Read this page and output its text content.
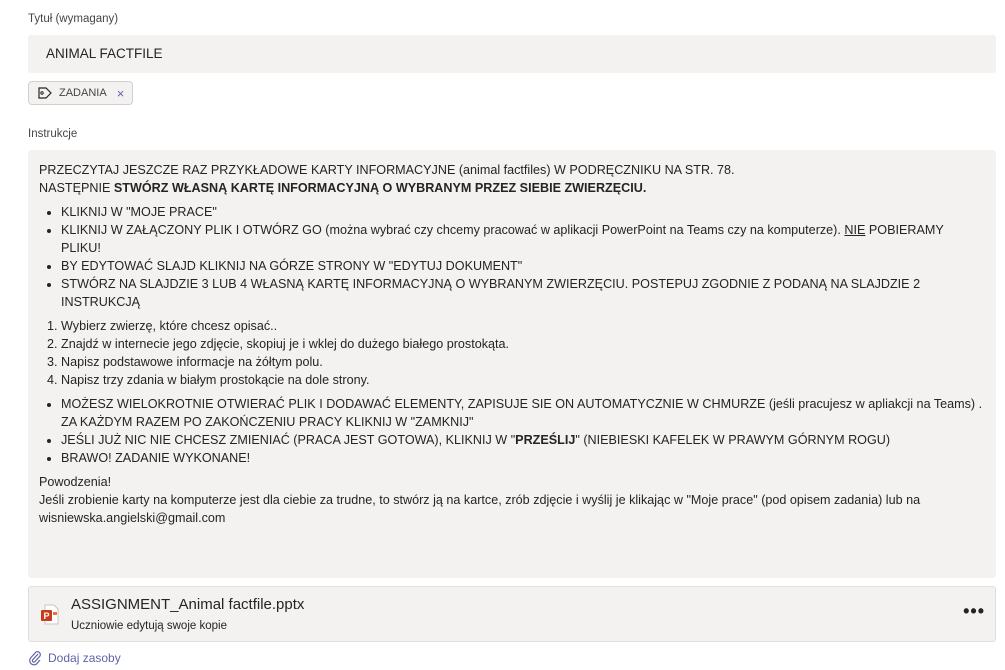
Tytuł (wymagany)
ANIMAL FACTFILE
ZADANIA ×
Instrukcje

PRZECZYTAJ JESZCZE RAZ PRZYKŁADOWE KARTY INFORMACYJNE (animal factfiles) W PODRĘCZNIKU NA STR. 78.
NASTĘPNIE STWÓRZ WŁASNĄ KARTĘ INFORMACYJNĄ O WYBRANYM PRZEZ SIEBIE ZWIERZĘCIU.

• KLIKNIJ W "MOJE PRACE"
• KLIKNIJ W ZAŁĄCZONY PLIK I OTWÓRZ GO (można wybrać czy chcemy pracować w aplikacji PowerPoint na Teams czy na komputerze). NIE POBIERAMY PLIKU!
• BY EDYTOWAĆ SLAJD KLIKNIJ NA GÓRZE STRONY W "EDYTUJ DOKUMENT"
• STWÓRZ NA SLAJDZIE 3 LUB 4 WŁASNĄ KARTĘ INFORMACYJNĄ O WYBRANYM ZWIERZĘCIU. POSTEPUJ ZGODNIE Z PODANĄ NA SLAJDZIE 2 INSTRUKCJĄ
1. Wybierz zwierzę, które chcesz opisać..
2. Znajdź w internecie jego zdjęcie, skopiuj je i wklej do dużego białego prostokąta.
3. Napisz podstawowe informacje na żółtym polu.
4. Napisz trzy zdania w białym prostokącie na dole strony.
• MOŻESZ WIELOKROTNIE OTWIERAĆ PLIK I DODAWAĆ ELEMENTY, ZAPISUJE SIE ON AUTOMATYCZNIE W CHMURZE (jeśli pracujesz w apliakcji na Teams) . ZA KAŻDYM RAZEM PO ZAKOŃCZENIU PRACY KLIKNIJ W "ZAMKNIJ"
• JEŚLI JUŻ NIC NIE CHCESZ ZMIENIAĆ (PRACA JEST GOTOWA), KLIKNIJ W "PRZEŚLIJ" (NIEBIESKI KAFELEK W PRAWYM GÓRNYM ROGU)
• BRAWO! ZADANIE WYKONANE!

Powodzenia!
Jeśli zrobienie karty na komputerze jest dla ciebie za trudne, to stwórz ją na kartce, zrób zdjęcie i wyślij je klikając w "Moje prace" (pod opisem zadania) lub na wisniewska.angielski@gmail.com

P
ASSIGNMENT_Animal factfile.pptx
Uczniowie edytują swoje kopie
•••
Dodaj zasoby
